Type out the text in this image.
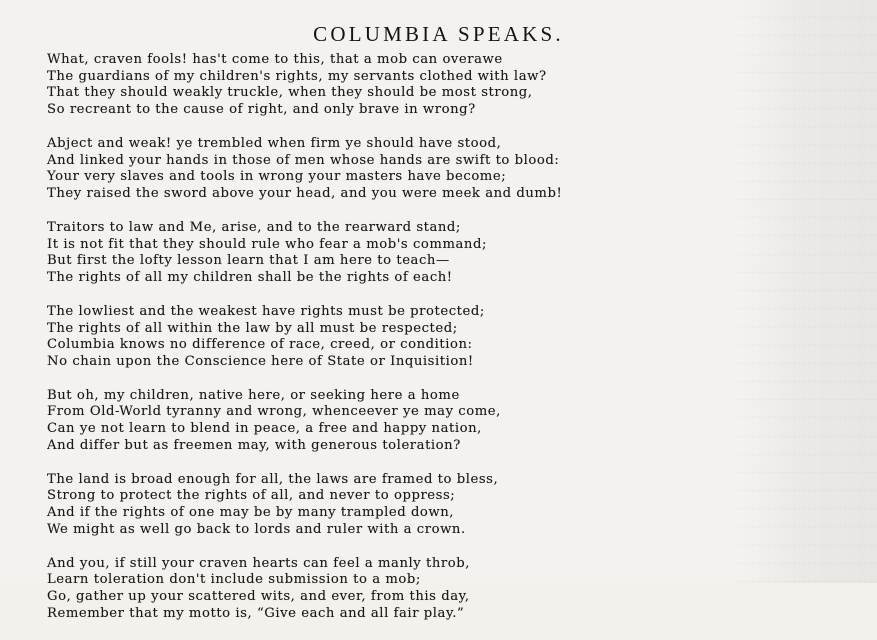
COLUMBIA SPEAKS.
What, craven fools! has't come to this, that a mob can overawe
The guardians of my children's rights, my servants clothed with law?
That they should weakly truckle, when they should be most strong,
So recreant to the cause of right, and only brave in wrong?
Abject and weak! ye trembled when firm ye should have stood,
And linked your hands in those of men whose hands are swift to blood:
Your very slaves and tools in wrong your masters have become;
They raised the sword above your head, and you were meek and dumb!
Traitors to law and Me, arise, and to the rearward stand;
It is not fit that they should rule who fear a mob's command;
But first the lofty lesson learn that I am here to teach—
The rights of all my children shall be the rights of each!
The lowliest and the weakest have rights must be protected;
The rights of all within the law by all must be respected;
Columbia knows no difference of race, creed, or condition:
No chain upon the Conscience here of State or Inquisition!
But oh, my children, native here, or seeking here a home
From Old-World tyranny and wrong, whenceever ye may come,
Can ye not learn to blend in peace, a free and happy nation,
And differ but as freemen may, with generous toleration?
The land is broad enough for all, the laws are framed to bless,
Strong to protect the rights of all, and never to oppress;
And if the rights of one may be by many trampled down,
We might as well go back to lords and ruler with a crown.
And you, if still your craven hearts can feel a manly throb,
Learn toleration don't include submission to a mob;
Go, gather up your scattered wits, and ever, from this day,
Remember that my motto is, “Give each and all fair play.”
